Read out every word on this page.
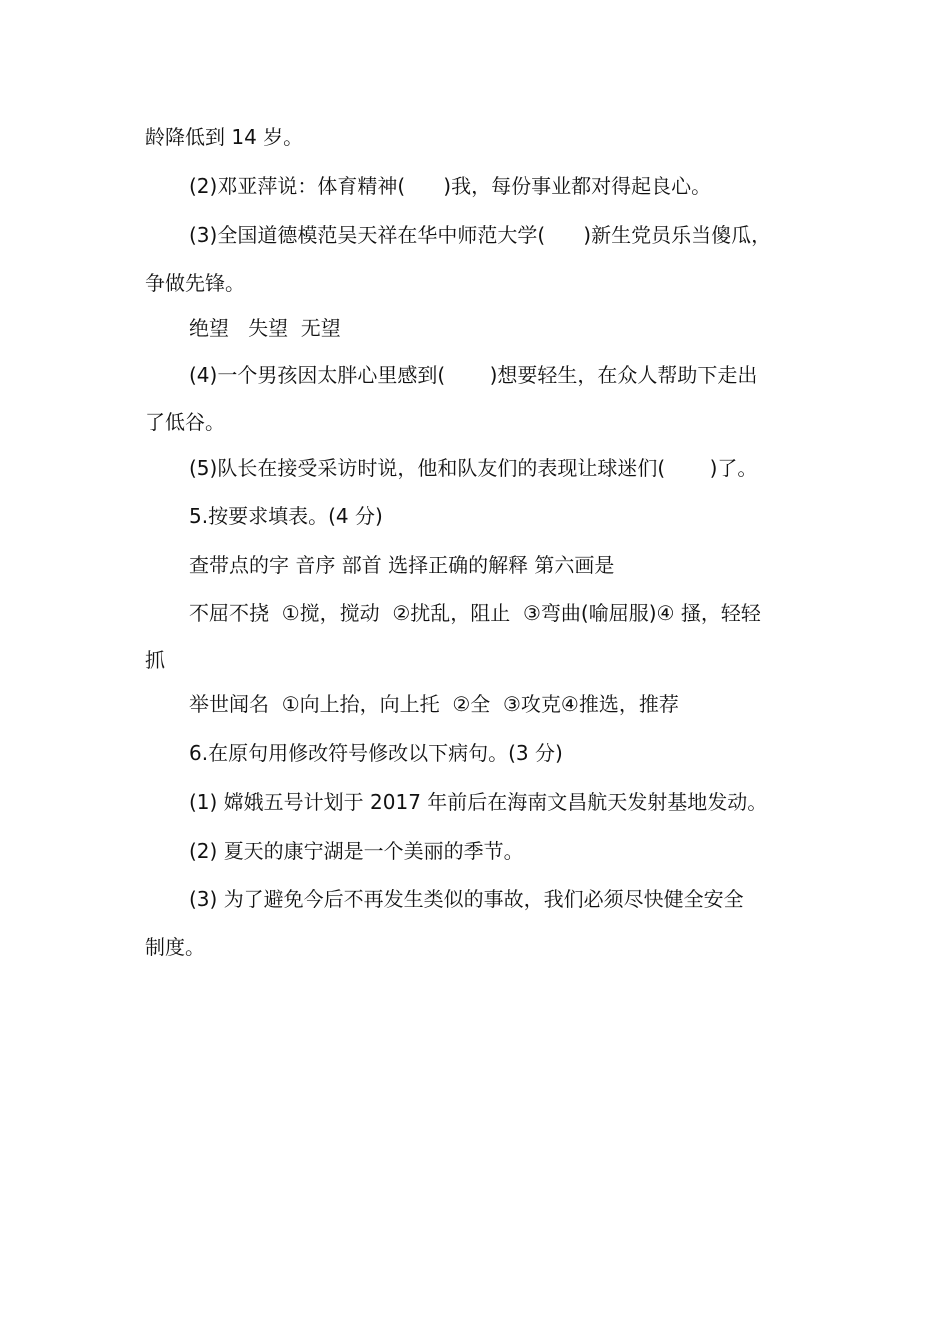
龄降低到 14 岁。
(2)邓亚萍说：体育精神(      )我，每份事业都对得起良心。
(3)全国道德模范吴天祥在华中师范大学(      )新生党员乐当傻瓜，
争做先锋。
绝望   失望  无望
(4)一个男孩因太胖心里感到(       )想要轻生，在众人帮助下走出
了低谷。
(5)队长在接受采访时说，他和队友们的表现让球迷们(       )了。
5.按要求填表。(4 分)
查带点的字 音序 部首 选择正确的解释 第六画是
不屈不挠  ①搅，搅动  ②扰乱，阻止  ③弯曲(喻屈服)④ 搔，轻轻
抓
举世闻名  ①向上抬，向上托  ②全  ③攻克④推选，推荐
6.在原句用修改符号修改以下病句。(3 分)
(1) 嫦娥五号计划于 2017 年前后在海南文昌航天发射基地发动。
(2) 夏天的康宁湖是一个美丽的季节。
(3) 为了避免今后不再发生类似的事故，我们必须尽快健全安全
制度。
